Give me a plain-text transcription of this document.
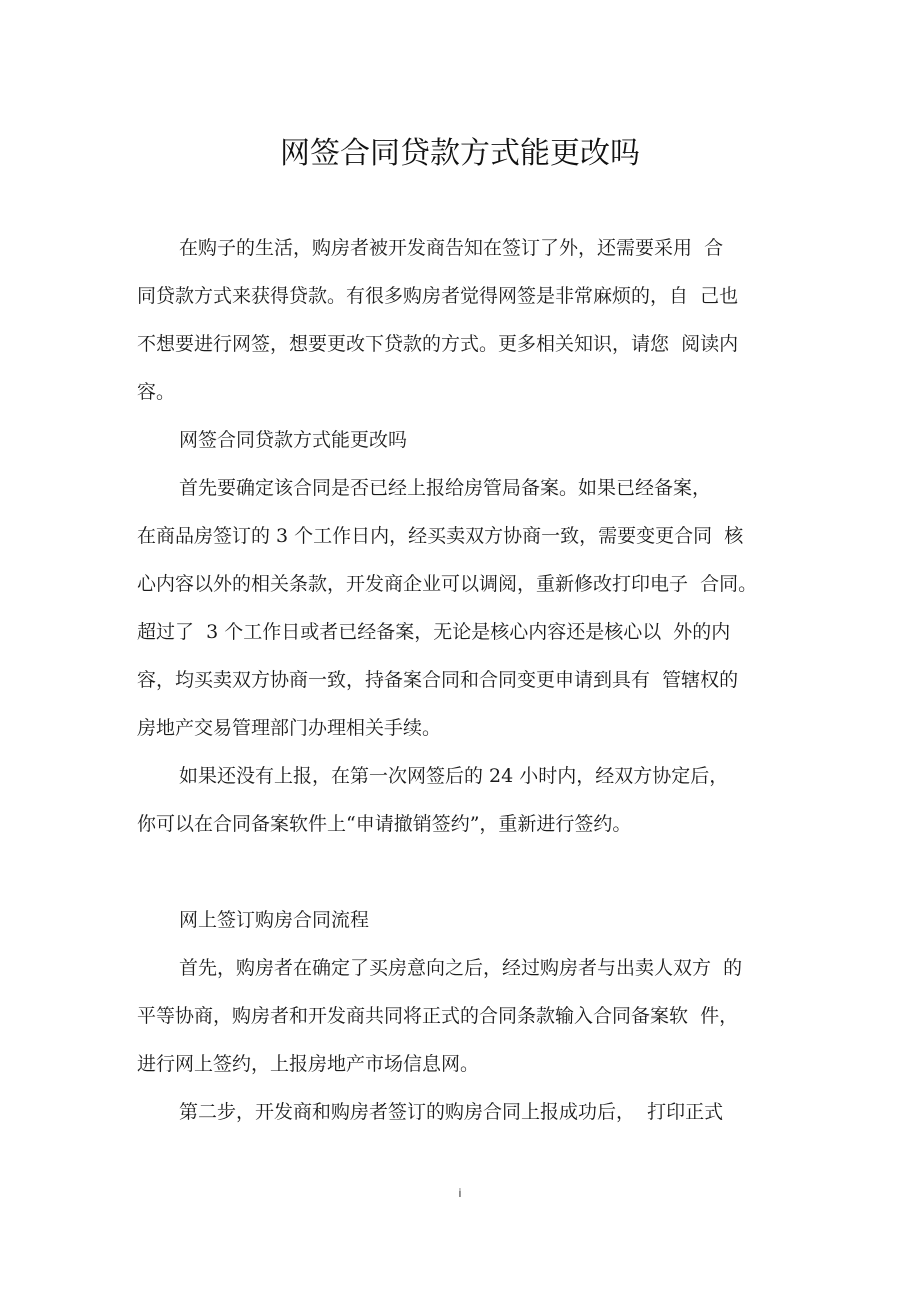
网签合同贷款方式能更改吗
在购子的生活，购房者被开发商告知在签订了外，还需要采用  合
同贷款方式来获得贷款。有很多购房者觉得网签是非常麻烦的，自  己也
不想要进行网签，想要更改下贷款的方式。更多相关知识，请您  阅读内
容。
网签合同贷款方式能更改吗
首先要确定该合同是否已经上报给房管局备案。如果已经备案，
在商品房签订的 3 个工作日内，经买卖双方协商一致，需要变更合同  核
心内容以外的相关条款，开发商企业可以调阅，重新修改打印电子  合同。
超过了  3 个工作日或者已经备案，无论是核心内容还是核心以  外的内
容，均买卖双方协商一致，持备案合同和合同变更申请到具有  管辖权的
房地产交易管理部门办理相关手续。
如果还没有上报，在第一次网签后的 24 小时内，经双方协定后，
你可以在合同备案软件上“申请撤销签约”，重新进行签约。
网上签订购房合同流程
首先，购房者在确定了买房意向之后，经过购房者与出卖人双方  的
平等协商，购房者和开发商共同将正式的合同条款输入合同备案软  件，
进行网上签约，上报房地产市场信息网。
第二步，开发商和购房者签订的购房合同上报成功后，  打印正式
i
